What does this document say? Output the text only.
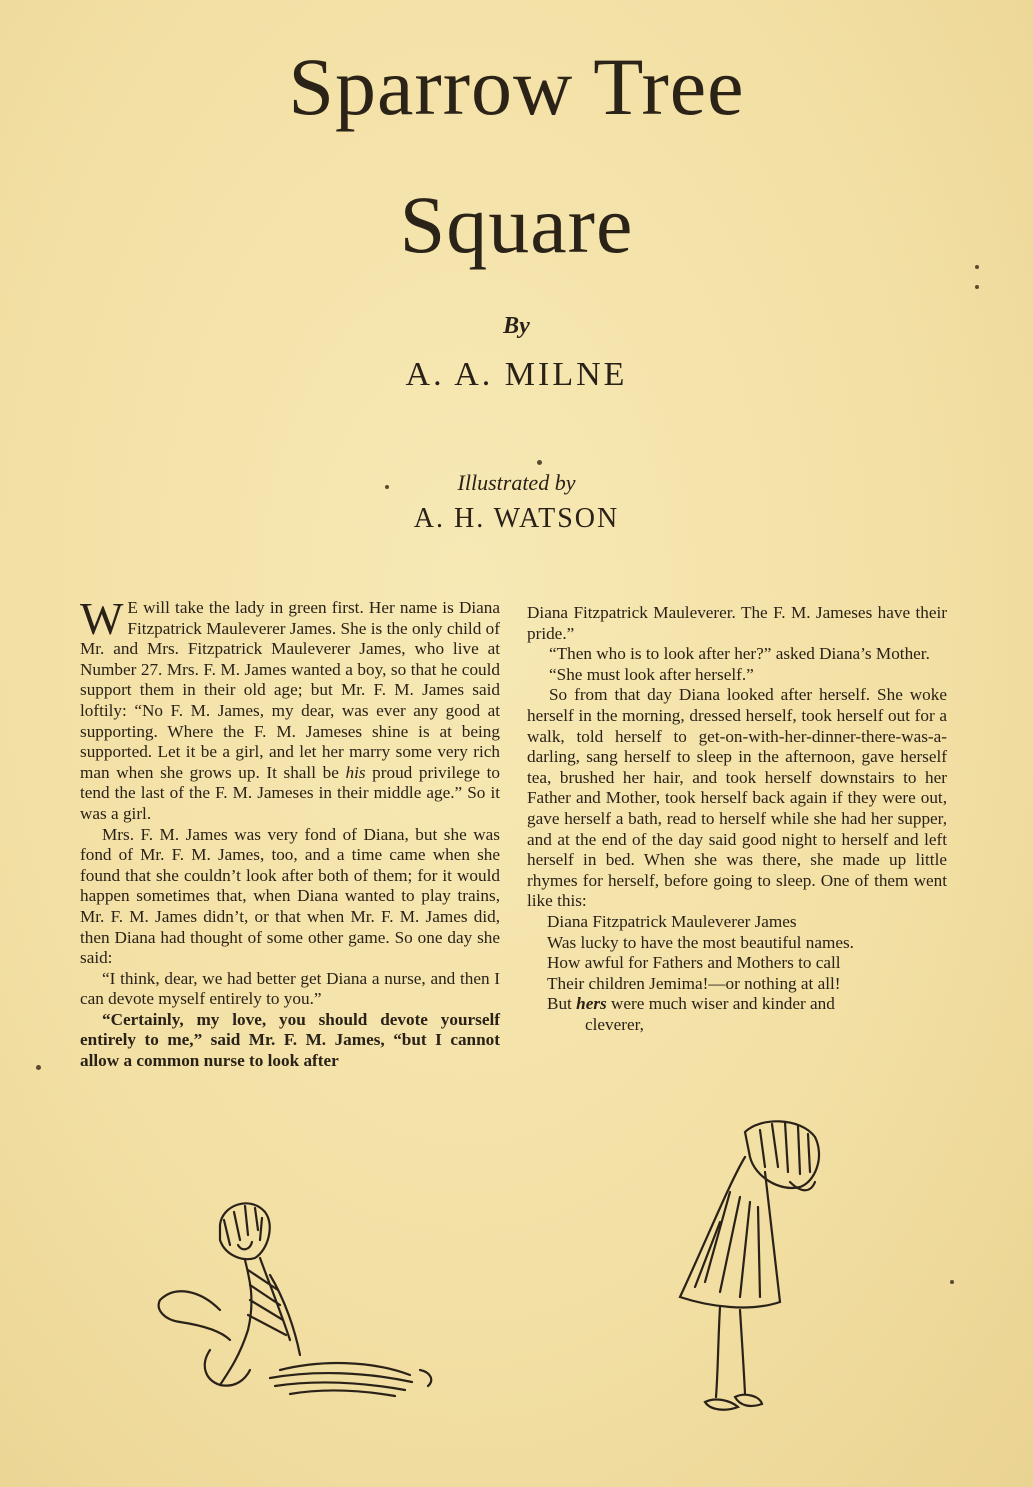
Sparrow Tree
Square
By
A. A. MILNE
Illustrated by
A. H. WATSON

W E will take the lady in green first. Her name is Diana Fitzpatrick Mauleverer James. She is the only child of Mr. and Mrs. Fitzpatrick Mauleverer James, who live at Number 27. Mrs. F. M. James wanted a boy, so that he could support them in their old age; but Mr. F. M. James said loftily: “No F. M. James, my dear, was ever any good at supporting. Where the F. M. Jameses shine is at being supported. Let it be a girl, and let her marry some very rich man when she grows up. It shall be his proud privilege to tend the last of the F. M. Jameses in their middle age.” So it was a girl.

Mrs. F. M. James was very fond of Diana, but she was fond of Mr. F. M. James, too, and a time came when she found that she couldn’t look after both of them; for it would happen sometimes that, when Diana wanted to play trains, Mr. F. M. James didn’t, or that when Mr. F. M. James did, then Diana had thought of some other game. So one day she said:

“I think, dear, we had better get Diana a nurse, and then I can devote myself entirely to you.”

“Certainly, my love, you should devote yourself entirely to me,” said Mr. F. M. James, “but I cannot allow a common nurse to look after

Diana Fitzpatrick Mauleverer. The F. M. Jameses have their pride.”

“Then who is to look after her?” asked Diana’s Mother.

“She must look after herself.”

So from that day Diana looked after herself. She woke herself in the morning, dressed herself, took herself out for a walk, told herself to get-on-with-her-dinner-there-was-a-darling, sang herself to sleep in the afternoon, gave herself tea, brushed her hair, and took herself downstairs to her Father and Mother, took herself back again if they were out, gave herself a bath, read to herself while she had her supper, and at the end of the day said good night to herself and left herself in bed. When she was there, she made up little rhymes for herself, before going to sleep. One of them went like this:

Diana Fitzpatrick Mauleverer James
Was lucky to have the most beautiful names.
How awful for Fathers and Mothers to call
Their children Jemima!—or nothing at all!
But hers were much wiser and kinder and
cleverer,
